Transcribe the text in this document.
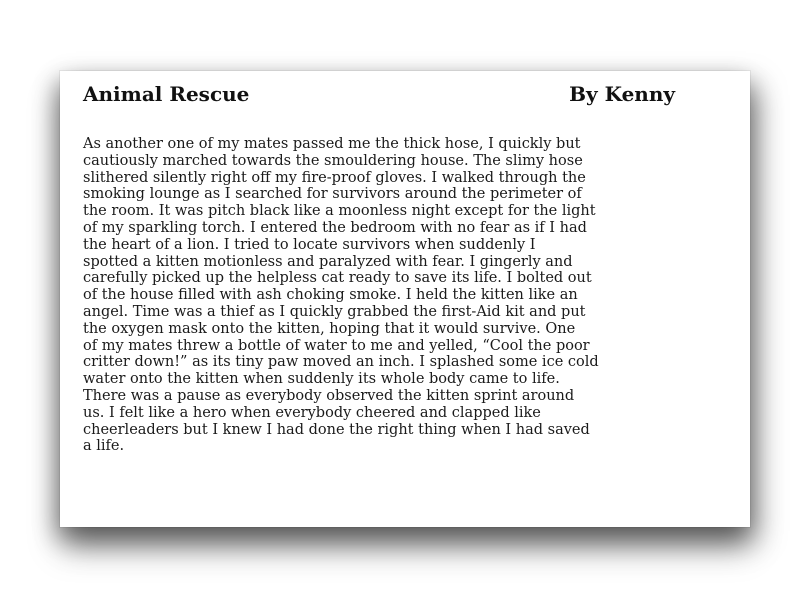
Animal Rescue	By Kenny
As another one of my mates passed me the thick hose, I quickly but
cautiously marched towards the smouldering house. The slimy hose
slithered silently right off my fire-proof gloves. I walked through the
smoking lounge as I searched for survivors around the perimeter of
the room. It was pitch black like a moonless night except for the light
of my sparkling torch. I entered the bedroom with no fear as if I had
the heart of a lion. I tried to locate survivors when suddenly I
spotted a kitten motionless and paralyzed with fear. I gingerly and
carefully picked up the helpless cat ready to save its life. I bolted out
of the house filled with ash choking smoke. I held the kitten like an
angel. Time was a thief as I quickly grabbed the first-Aid kit and put
the oxygen mask onto the kitten, hoping that it would survive. One
of my mates threw a bottle of water to me and yelled, “Cool the poor
critter down!” as its tiny paw moved an inch. I splashed some ice cold
water onto the kitten when suddenly its whole body came to life.
There was a pause as everybody observed the kitten sprint around
us. I felt like a hero when everybody cheered and clapped like
cheerleaders but I knew I had done the right thing when I had saved
a life.
